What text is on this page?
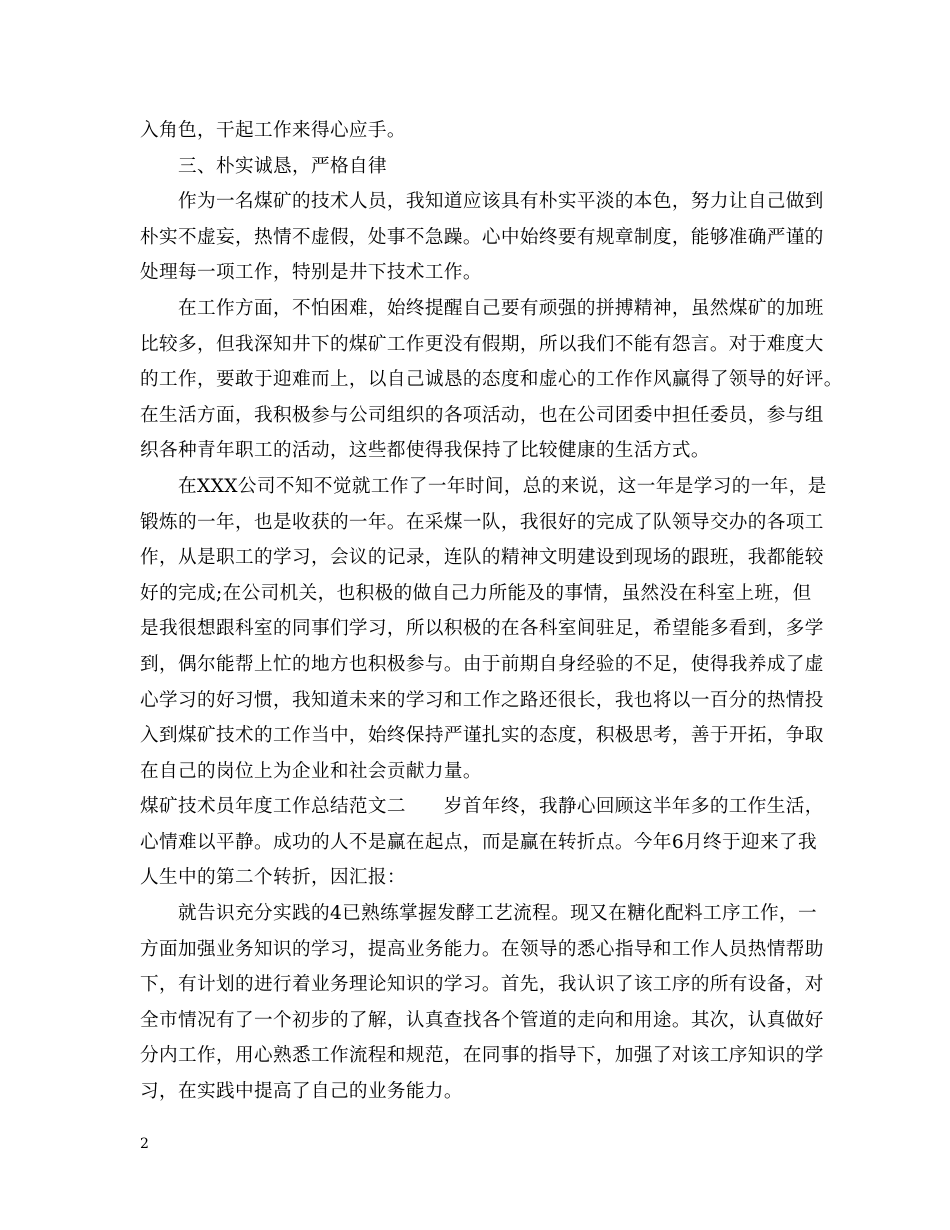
入角色，干起工作来得心应手。
三、朴实诚恳，严格自律
作为一名煤矿的技术人员，我知道应该具有朴实平淡的本色，努力让自己做到
朴实不虚妄，热情不虚假，处事不急躁。心中始终要有规章制度，能够准确严谨的
处理每一项工作，特别是井下技术工作。
在工作方面，不怕困难，始终提醒自己要有顽强的拼搏精神，虽然煤矿的加班
比较多，但我深知井下的煤矿工作更没有假期，所以我们不能有怨言。对于难度大
的工作，要敢于迎难而上，以自己诚恳的态度和虚心的工作作风赢得了领导的好评。
在生活方面，我积极参与公司组织的各项活动，也在公司团委中担任委员，参与组
织各种青年职工的活动，这些都使得我保持了比较健康的生活方式。
在XXX公司不知不觉就工作了一年时间，总的来说，这一年是学习的一年，是
锻炼的一年，也是收获的一年。在采煤一队，我很好的完成了队领导交办的各项工
作，从是职工的学习，会议的记录，连队的精神文明建设到现场的跟班，我都能较
好的完成;在公司机关，也积极的做自己力所能及的事情，虽然没在科室上班，但
是我很想跟科室的同事们学习，所以积极的在各科室间驻足，希望能多看到，多学
到，偶尔能帮上忙的地方也积极参与。由于前期自身经验的不足，使得我养成了虚
心学习的好习惯，我知道未来的学习和工作之路还很长，我也将以一百分的热情投
入到煤矿技术的工作当中，始终保持严谨扎实的态度，积极思考，善于开拓，争取
在自己的岗位上为企业和社会贡献力量。
煤矿技术员年度工作总结范文二　　岁首年终，我静心回顾这半年多的工作生活，
心情难以平静。成功的人不是赢在起点，而是赢在转折点。今年6月终于迎来了我
人生中的第二个转折，因汇报：
就告识充分实践的4已熟练掌握发酵工艺流程。现又在糖化配料工序工作，一
方面加强业务知识的学习，提高业务能力。在领导的悉心指导和工作人员热情帮助
下，有计划的进行着业务理论知识的学习。首先，我认识了该工序的所有设备，对
全市情况有了一个初步的了解，认真查找各个管道的走向和用途。其次，认真做好
分内工作，用心熟悉工作流程和规范，在同事的指导下，加强了对该工序知识的学
习，在实践中提高了自己的业务能力。
2
